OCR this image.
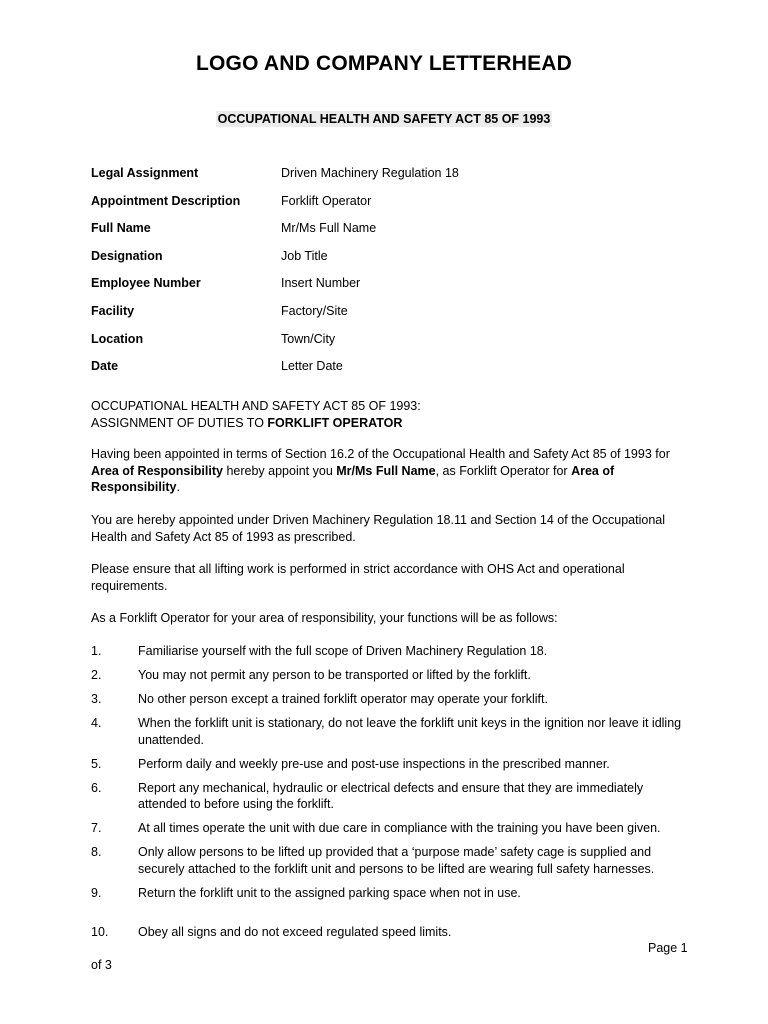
LOGO AND COMPANY LETTERHEAD
OCCUPATIONAL HEALTH AND SAFETY ACT 85 OF 1993
Legal Assignment	Driven Machinery Regulation 18
Appointment Description	Forklift Operator
Full Name	Mr/Ms Full Name
Designation	Job Title
Employee Number	Insert Number
Facility	Factory/Site
Location	Town/City
Date	Letter Date
OCCUPATIONAL HEALTH AND SAFETY ACT 85 OF 1993:
ASSIGNMENT OF DUTIES TO FORKLIFT OPERATOR

Having been appointed in terms of Section 16.2 of the Occupational Health and Safety Act 85 of 1993 for Area of Responsibility hereby appoint you Mr/Ms Full Name, as Forklift Operator for Area of Responsibility.

You are hereby appointed under Driven Machinery Regulation 18.11 and Section 14 of the Occupational Health and Safety Act 85 of 1993 as prescribed.

Please ensure that all lifting work is performed in strict accordance with OHS Act and operational requirements.

As a Forklift Operator for your area of responsibility, your functions will be as follows:

1.	Familiarise yourself with the full scope of Driven Machinery Regulation 18.
2.	You may not permit any person to be transported or lifted by the forklift.
3.	No other person except a trained forklift operator may operate your forklift.
4.	When the forklift unit is stationary, do not leave the forklift unit keys in the ignition nor leave it idling unattended.
5.	Perform daily and weekly pre-use and post-use inspections in the prescribed manner.
6.	Report any mechanical, hydraulic or electrical defects and ensure that they are immediately attended to before using the forklift.
7.	At all times operate the unit with due care in compliance with the training you have been given.
8.	Only allow persons to be lifted up provided that a ‘purpose made’ safety cage is supplied and securely attached to the forklift unit and persons to be lifted are wearing full safety harnesses.
9.	Return the forklift unit to the assigned parking space when not in use.
10.	Obey all signs and do not exceed regulated speed limits.
Page 1
of 3
